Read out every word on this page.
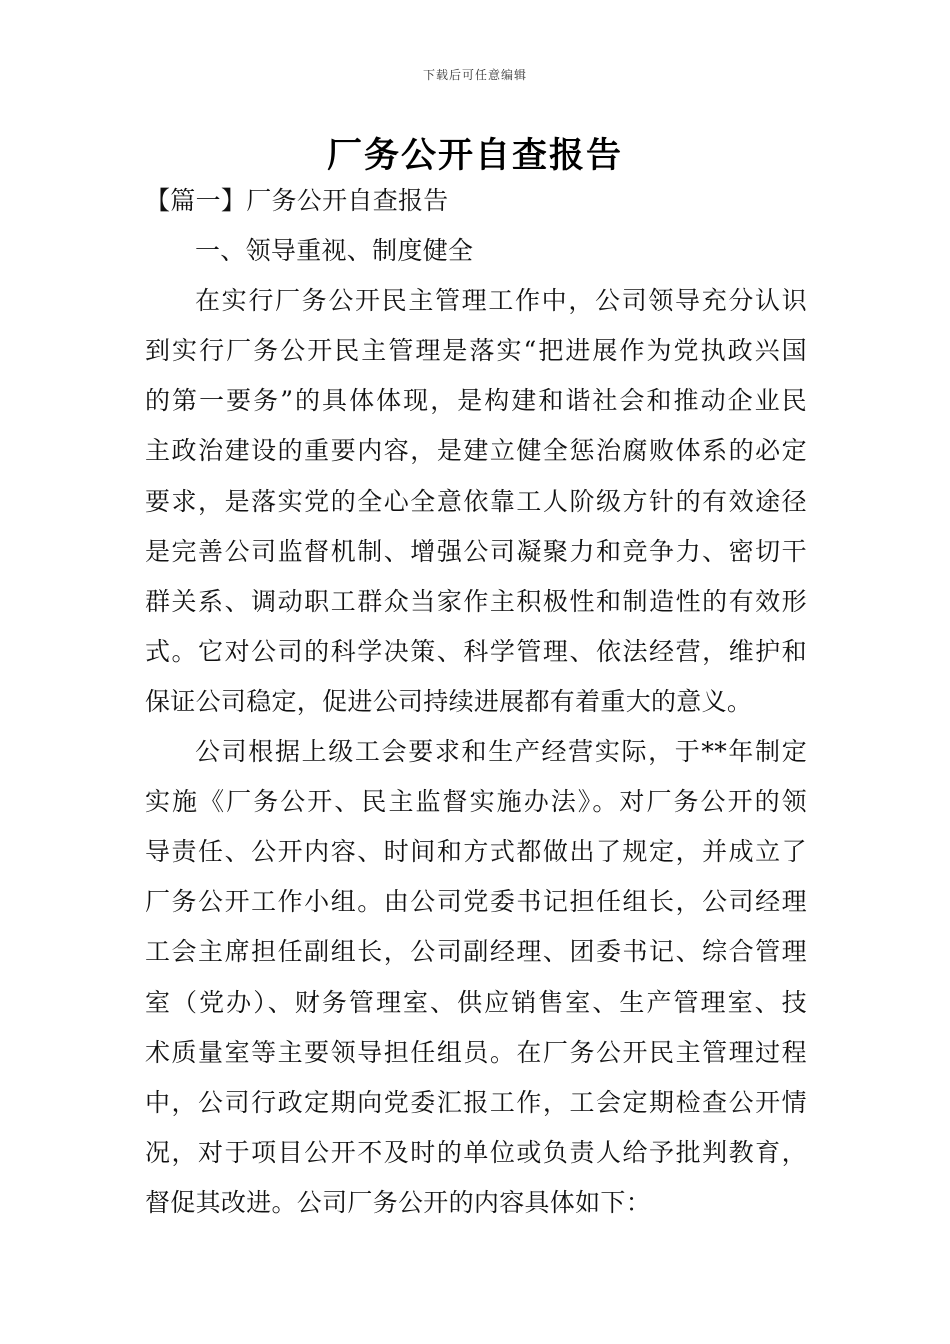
下载后可任意编辑
厂务公开自查报告
【篇一】厂务公开自查报告
一、领导重视、制度健全
在实行厂务公开民主管理工作中，公司领导充分认识
到实行厂务公开民主管理是落实“把进展作为党执政兴国
的第一要务”的具体体现，是构建和谐社会和推动企业民
主政治建设的重要内容，是建立健全惩治腐败体系的必定
要求，是落实党的全心全意依靠工人阶级方针的有效途径
是完善公司监督机制、增强公司凝聚力和竞争力、密切干
群关系、调动职工群众当家作主积极性和制造性的有效形
式。它对公司的科学决策、科学管理、依法经营，维护和
保证公司稳定，促进公司持续进展都有着重大的意义。
公司根据上级工会要求和生产经营实际，于**年制定
实施《厂务公开、民主监督实施办法》。对厂务公开的领
导责任、公开内容、时间和方式都做出了规定，并成立了
厂务公开工作小组。由公司党委书记担任组长，公司经理
工会主席担任副组长，公司副经理、团委书记、综合管理
室（党办）、财务管理室、供应销售室、生产管理室、技
术质量室等主要领导担任组员。在厂务公开民主管理过程
中，公司行政定期向党委汇报工作，工会定期检查公开情
况，对于项目公开不及时的单位或负责人给予批判教育，
督促其改进。公司厂务公开的内容具体如下：
